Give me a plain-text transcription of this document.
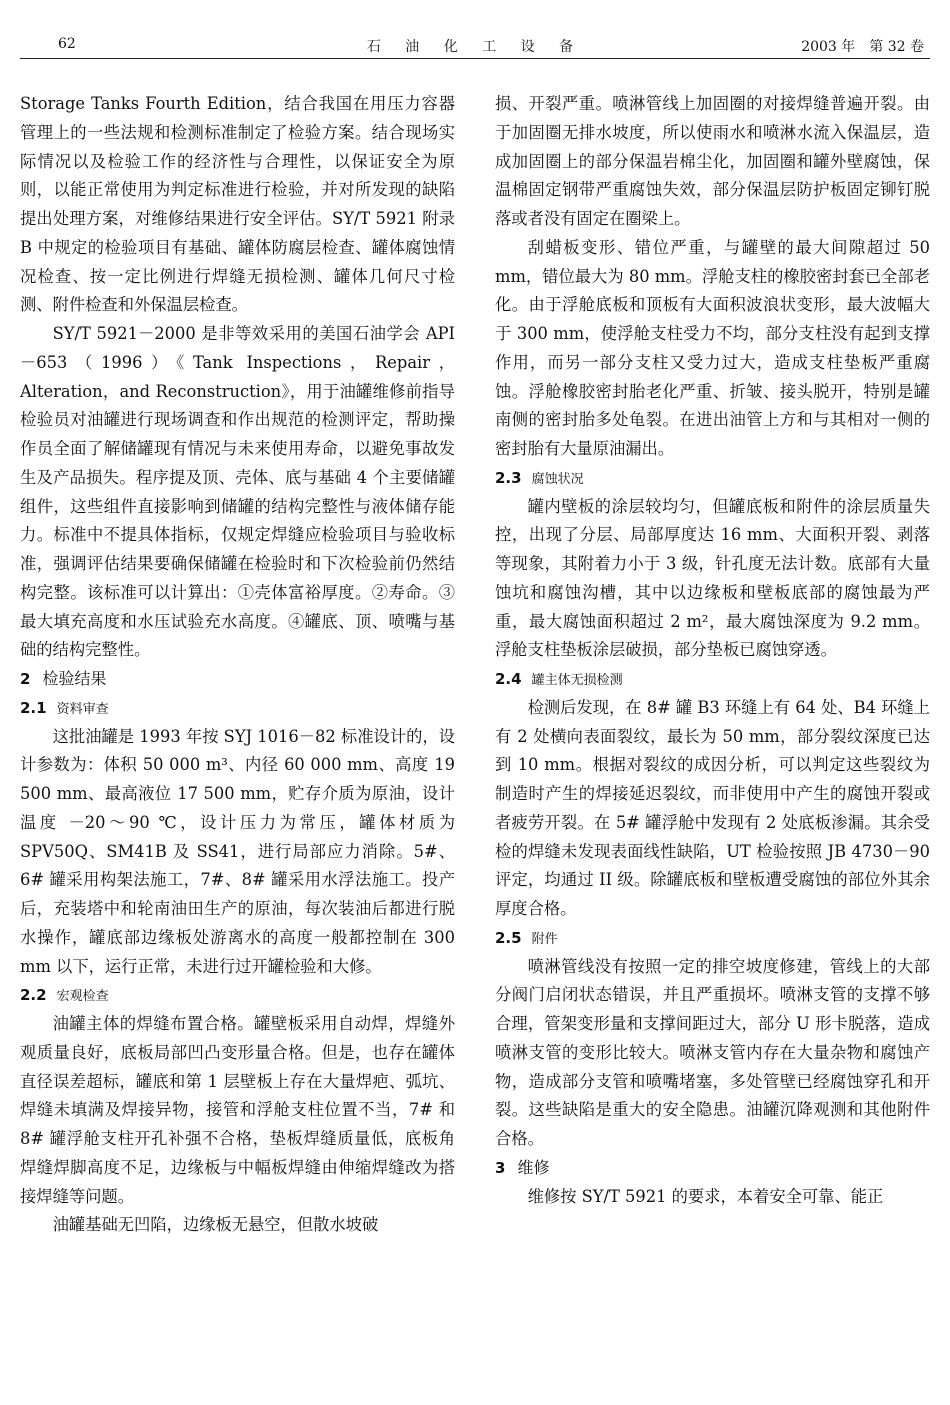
62	石 油 化 工 设 备	2003 年　第 32 卷

Storage Tanks Fourth Edition，结合我国在用压力容器管理上的一些法规和检测标准制定了检验方案。结合现场实际情况以及检验工作的经济性与合理性，以保证安全为原则，以能正常使用为判定标准进行检验，并对所发现的缺陷提出处理方案，对维修结果进行安全评估。SY/T 5921 附录 B 中规定的检验项目有基础、罐体防腐层检查、罐体腐蚀情况检查、按一定比例进行焊缝无损检测、罐体几何尺寸检测、附件检查和外保温层检查。

SY/T 5921－2000 是非等效采用的美国石油学会 API－653（1996）《Tank Inspections，Repair，Alteration，and Reconstruction》，用于油罐维修前指导检验员对油罐进行现场调查和作出规范的检测评定，帮助操作员全面了解储罐现有情况与未来使用寿命，以避免事故发生及产品损失。程序提及顶、壳体、底与基础 4 个主要储罐组件，这些组件直接影响到储罐的结构完整性与液体储存能力。标准中不提具体指标，仅规定焊缝应检验项目与验收标准，强调评估结果要确保储罐在检验时和下次检验前仍然结构完整。该标准可以计算出：①壳体富裕厚度。②寿命。③最大填充高度和水压试验充水高度。④罐底、顶、喷嘴与基础的结构完整性。

2 检验结果
2.1 资料审查

这批油罐是 1993 年按 SYJ 1016－82 标准设计的，设计参数为：体积 50 000 m³、内径 60 000 mm、高度 19 500 mm、最高液位 17 500 mm，贮存介质为原油，设计温度 －20～90 ℃，设计压力为常压，罐体材质为 SPV50Q、SM41B 及 SS41，进行局部应力消除。5#、6# 罐采用构架法施工，7#、8# 罐采用水浮法施工。投产后，充装塔中和轮南油田生产的原油，每次装油后都进行脱水操作，罐底部边缘板处游离水的高度一般都控制在 300 mm 以下，运行正常，未进行过开罐检验和大修。

2.2 宏观检查

油罐主体的焊缝布置合格。罐壁板采用自动焊，焊缝外观质量良好，底板局部凹凸变形量合格。但是，也存在罐体直径误差超标，罐底和第 1 层壁板上存在大量焊疤、弧坑、焊缝未填满及焊接异物，接管和浮舱支柱位置不当，7# 和 8# 罐浮舱支柱开孔补强不合格，垫板焊缝质量低，底板角焊缝焊脚高度不足，边缘板与中幅板焊缝由伸缩焊缝改为搭接焊缝等问题。

油罐基础无凹陷，边缘板无悬空，但散水坡破

损、开裂严重。喷淋管线上加固圈的对接焊缝普遍开裂。由于加固圈无排水坡度，所以使雨水和喷淋水流入保温层，造成加固圈上的部分保温岩棉尘化，加固圈和罐外壁腐蚀，保温棉固定钢带严重腐蚀失效，部分保温层防护板固定铆钉脱落或者没有固定在圈梁上。

刮蜡板变形、错位严重，与罐壁的最大间隙超过 50 mm，错位最大为 80 mm。浮舱支柱的橡胶密封套已全部老化。由于浮舱底板和顶板有大面积波浪状变形，最大波幅大于 300 mm，使浮舱支柱受力不均，部分支柱没有起到支撑作用，而另一部分支柱又受力过大，造成支柱垫板严重腐蚀。浮舱橡胶密封胎老化严重、折皱、接头脱开，特别是罐南侧的密封胎多处龟裂。在进出油管上方和与其相对一侧的密封胎有大量原油漏出。

2.3 腐蚀状况

罐内壁板的涂层较均匀，但罐底板和附件的涂层质量失控，出现了分层、局部厚度达 16 mm、大面积开裂、剥落等现象，其附着力小于 3 级，针孔度无法计数。底部有大量蚀坑和腐蚀沟槽，其中以边缘板和壁板底部的腐蚀最为严重，最大腐蚀面积超过 2 m²，最大腐蚀深度为 9.2 mm。浮舱支柱垫板涂层破损，部分垫板已腐蚀穿透。

2.4 罐主体无损检测

检测后发现，在 8# 罐 B3 环缝上有 64 处、B4 环缝上有 2 处横向表面裂纹，最长为 50 mm，部分裂纹深度已达到 10 mm。根据对裂纹的成因分析，可以判定这些裂纹为制造时产生的焊接延迟裂纹，而非使用中产生的腐蚀开裂或者疲劳开裂。在 5# 罐浮舱中发现有 2 处底板渗漏。其余受检的焊缝未发现表面线性缺陷，UT 检验按照 JB 4730－90 评定，均通过 II 级。除罐底板和壁板遭受腐蚀的部位外其余厚度合格。

2.5 附件

喷淋管线没有按照一定的排空坡度修建，管线上的大部分阀门启闭状态错误，并且严重损坏。喷淋支管的支撑不够合理，管架变形量和支撑间距过大，部分 U 形卡脱落，造成喷淋支管的变形比较大。喷淋支管内存在大量杂物和腐蚀产物，造成部分支管和喷嘴堵塞，多处管壁已经腐蚀穿孔和开裂。这些缺陷是重大的安全隐患。油罐沉降观测和其他附件合格。

3 维修

维修按 SY/T 5921 的要求，本着安全可靠、能正
